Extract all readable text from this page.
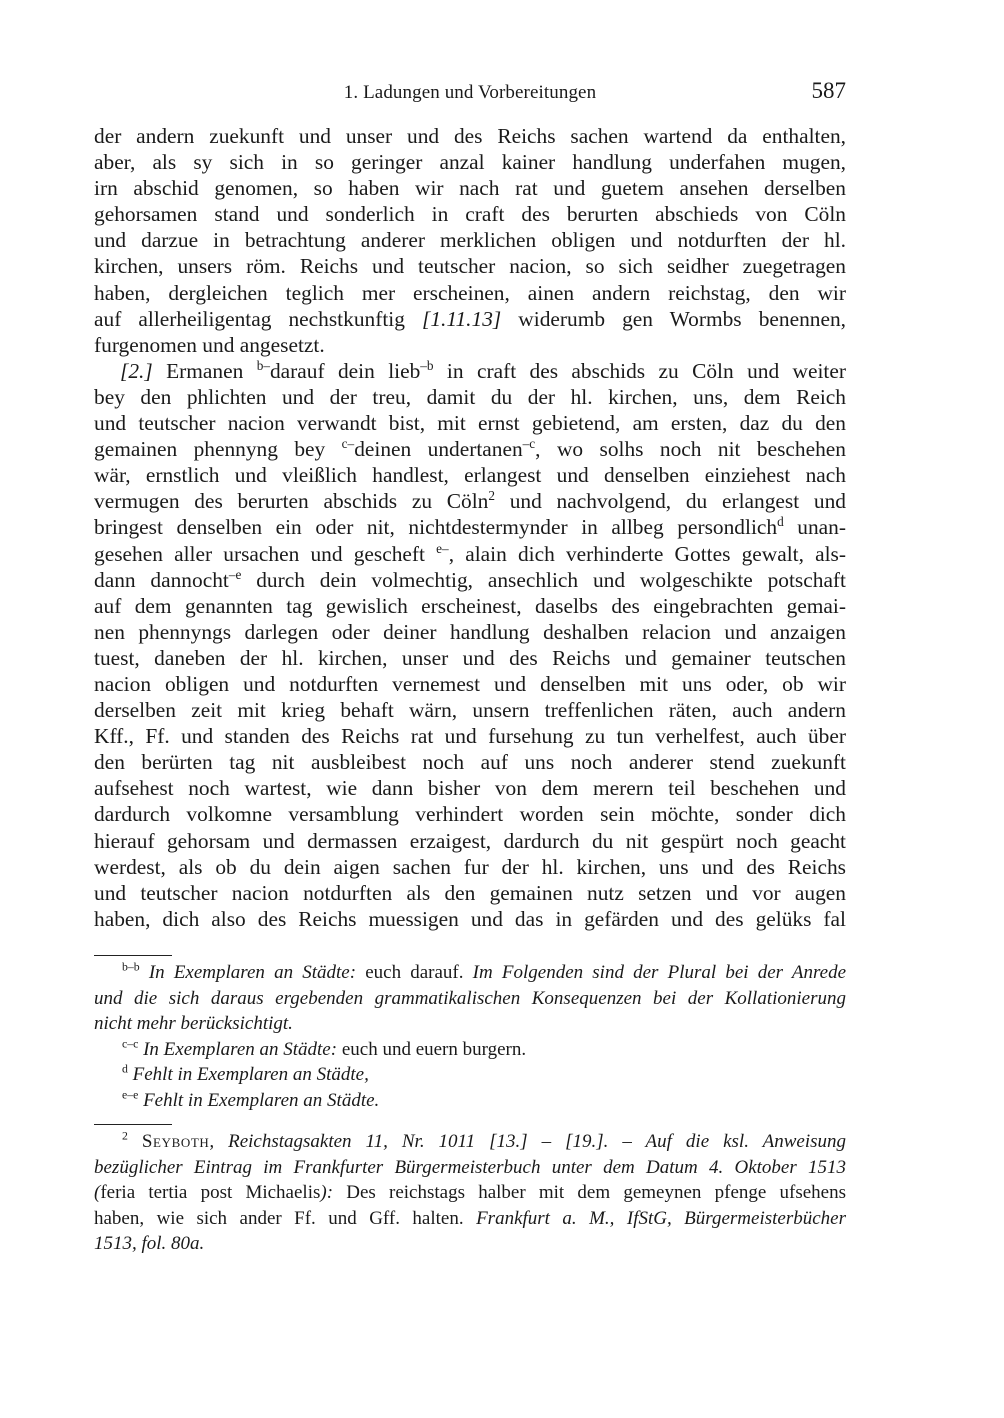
1. Ladungen und Vorbereitungen	587
der andern zuekunft und unser und des Reichs sachen wartend da enthalten,
aber, als sy sich in so geringer anzal kainer handlung underfahen mugen,
irn abschid genomen, so haben wir nach rat und guetem ansehen derselben
gehorsamen stand und sonderlich in craft des berurten abschieds von Cöln
und darzue in betrachtung anderer merklichen obligen und notdurften der hl.
kirchen, unsers röm. Reichs und teutscher nacion, so sich seidher zuegetragen
haben, dergleichen teglich mer erscheinen, ainen andern reichstag, den wir
auf allerheiligentag nechstkunftig [1.11.13] widerumb gen Wormbs benennen,
furgenomen und angesetzt.
[2.] Ermanen $^{b-}$darauf dein lieb$^{-b}$ in craft des abschids zu Cöln und weiter
bey den phlichten und der treu, damit du der hl. kirchen, uns, dem Reich
und teutscher nacion verwandt bist, mit ernst gebietend, am ersten, daz du den
gemainen phennyng bey $^{c-}$deinen undertanen$^{-c}$, wo solhs noch nit beschehen
wär, ernstlich und vleißlich handlest, erlangest und denselben einziehest nach
vermugen des berurten abschids zu Cöln$^2$ und nachvolgend, du erlangest und
bringest denselben ein oder nit, nichtdestermynder in allbeg persondlich$^d$ unan-
gesehen aller ursachen und gescheft $^{e-}$, alain dich verhinderte Gottes gewalt, als-
dann dannocht$^{-e}$ durch dein volmechtig, ansechlich und wolgeschikte potschaft
auf dem genannten tag gewislich erscheinest, daselbs des eingebrachten gemai-
nen phennyngs darlegen oder deiner handlung deshalben relacion und anzaigen
tuest, daneben der hl. kirchen, unser und des Reichs und gemainer teutschen
nacion obligen und notdurften vernemest und denselben mit uns oder, ob wir
derselben zeit mit krieg behaft wärn, unsern treffenlichen räten, auch andern
Kff., Ff. und standen des Reichs rat und fursehung zu tun verhelfest, auch über
den berürten tag nit ausbleibest noch auf uns noch anderer stend zuekunft
aufsehest noch wartest, wie dann bisher von dem merern teil beschehen und
dardurch volkomne versamblung verhindert worden sein möchte, sonder dich
hierauf gehorsam und dermassen erzaigest, dardurch du nit gespürt noch geacht
werdest, als ob du dein aigen sachen fur der hl. kirchen, uns und des Reichs
und teutscher nacion notdurften als den gemainen nutz setzen und vor augen
haben, dich also des Reichs muessigen und das in gefärden und des gelüks fal
$^{b-b}$ In Exemplaren an Städte: euch darauf. Im Folgenden sind der Plural bei der Anrede
und die sich daraus ergebenden grammatikalischen Konsequenzen bei der Kollationierung
nicht mehr berücksichtigt.
$^{c-c}$ In Exemplaren an Städte: euch und euern burgern.
$^d$ Fehlt in Exemplaren an Städte,
$^{e-e}$ Fehlt in Exemplaren an Städte.
$^2$ Seyboth, Reichstagsakten 11, Nr. 1011 [13.] – [19.]. – Auf die ksl. Anweisung
bezüglicher Eintrag im Frankfurter Bürgermeisterbuch unter dem Datum 4. Oktober 1513
(feria tertia post Michaelis): Des reichstags halber mit dem gemeynen pfenge ufsehens
haben, wie sich ander Ff. und Gff. halten. Frankfurt a. M., IfStG, Bürgermeisterbücher
1513, fol. 80a.
